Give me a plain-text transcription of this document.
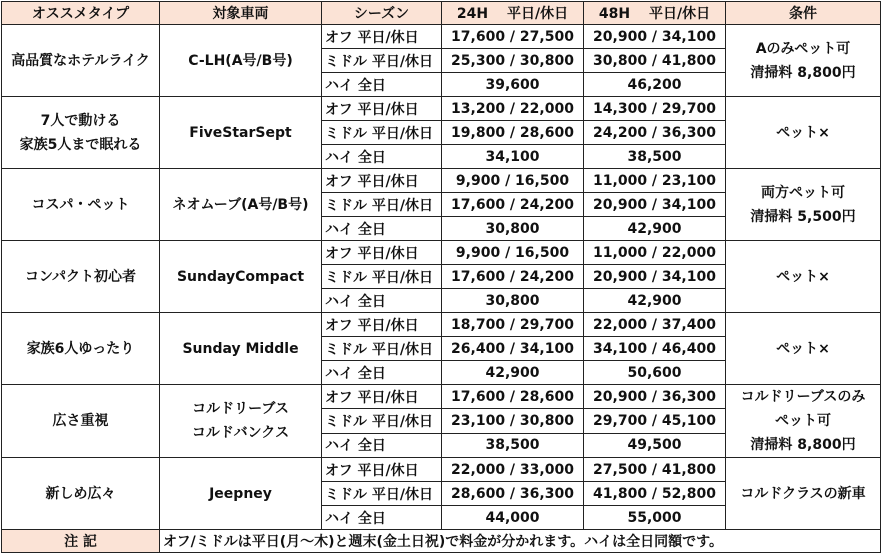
オススメタイプ	対象車両	シーズン	24H　 平日/休日	48H　 平日/休日	条件

高品質なホテルライク	C-LH(A号/B号)	オフ 平日/休日	17,600 / 27,500	20,900 / 34,100	Aのみペット可
清掃料 8,800円

		ミドル 平日/休日	25,300 / 30,800	30,800 / 41,800	
		ハイ 全日	39,600	46,200	

7人で動ける
家族5人まで眠れる	FiveStarSept	オフ 平日/休日	13,200 / 22,000	14,300 / 29,700	ペット×

		ミドル 平日/休日	19,800 / 28,600	24,200 / 36,300	
		ハイ 全日	34,100	38,500	

コスパ・ペット	ネオムーブ(A号/B号)	オフ 平日/休日	9,900 / 16,500	11,000 / 23,100	両方ペット可
清掃料 5,500円

		ミドル 平日/休日	17,600 / 24,200	20,900 / 34,100	
		ハイ 全日	30,800	42,900	

コンパクト初心者	SundayCompact	オフ 平日/休日	9,900 / 16,500	11,000 / 22,000	ペット×

		ミドル 平日/休日	17,600 / 24,200	20,900 / 34,100	
		ハイ 全日	30,800	42,900	

家族6人ゆったり	Sunday Middle	オフ 平日/休日	18,700 / 29,700	22,000 / 37,400	ペット×

		ミドル 平日/休日	26,400 / 34,100	34,100 / 46,400	
		ハイ 全日	42,900	50,600	

広さ重視	コルドリーブス
コルドバンクス	オフ 平日/休日	17,600 / 28,600	20,900 / 36,300	コルドリーブスのみ
ペット可
清掃料 8,800円

		ミドル 平日/休日	23,100 / 30,800	29,700 / 45,100	
		ハイ 全日	38,500	49,500	

新しめ広々	Jeepney	オフ 平日/休日	22,000 / 33,000	27,500 / 41,800	コルドクラスの新車

		ミドル 平日/休日	28,600 / 36,300	41,800 / 52,800	
		ハイ 全日	44,000	55,000	
注 記	オフ/ミドルは平日(月～木)と週末(金土日祝)で料金が分かれます。ハイは全日同額です。				
